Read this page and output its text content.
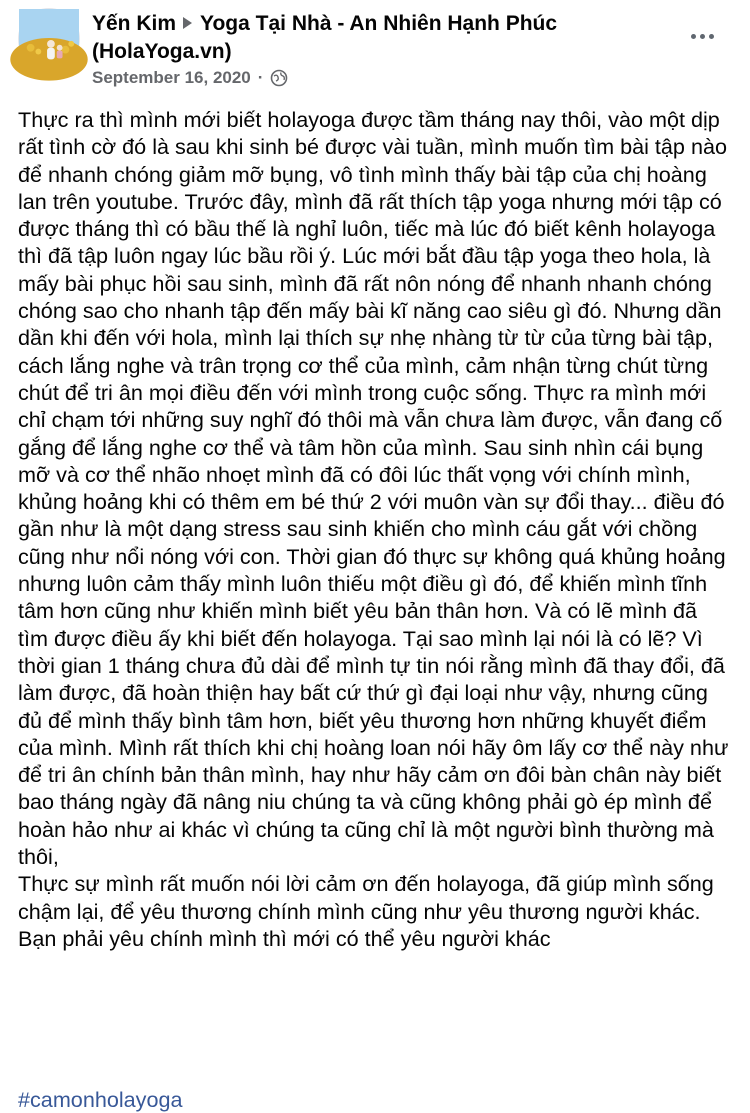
Yến Kim Yoga Tại Nhà - An Nhiên Hạnh Phúc (HolaYoga.vn)
September 16, 2020 ·

Thực ra thì mình mới biết holayoga được tầm tháng nay thôi, vào một dịp rất tình cờ đó là sau khi sinh bé được vài tuần, mình muốn tìm bài tập nào để nhanh chóng giảm mỡ bụng, vô tình mình thấy bài tập của chị hoàng lan trên youtube. Trước đây, mình đã rất thích tập yoga nhưng mới tập có được tháng thì có bầu thế là nghỉ luôn, tiếc mà lúc đó biết kênh holayoga thì đã tập luôn ngay lúc bầu rồi ý. Lúc mới bắt đầu tập yoga theo hola, là mấy bài phục hồi sau sinh, mình đã rất nôn nóng để nhanh nhanh chóng chóng sao cho nhanh tập đến mấy bài kĩ năng cao siêu gì đó. Nhưng dần dần khi đến với hola, mình lại thích sự nhẹ nhàng từ từ của từng bài tập, cách lắng nghe và trân trọng cơ thể của mình, cảm nhận từng chút từng chút để tri ân mọi điều đến với mình trong cuộc sống. Thực ra mình mới chỉ chạm tới những suy nghĩ đó thôi mà vẫn chưa làm được, vẫn đang cố gắng để lắng nghe cơ thể và tâm hồn của mình. Sau sinh nhìn cái bụng mỡ và cơ thể nhão nhoẹt mình đã có đôi lúc thất vọng với chính mình, khủng hoảng khi có thêm em bé thứ 2 với muôn vàn sự đổi thay... điều đó gần như là một dạng stress sau sinh khiến cho mình cáu gắt với chồng cũng như nổi nóng với con. Thời gian đó thực sự không quá khủng hoảng nhưng luôn cảm thấy mình luôn thiếu một điều gì đó, để khiến mình tĩnh tâm hơn cũng như khiến mình biết yêu bản thân hơn. Và có lẽ mình đã tìm được điều ấy khi biết đến holayoga. Tại sao mình lại nói là có lẽ? Vì thời gian 1 tháng chưa đủ dài để mình tự tin nói rằng mình đã thay đổi, đã làm được, đã hoàn thiện hay bất cứ thứ gì đại loại như vậy, nhưng cũng đủ để mình thấy bình tâm hơn, biết yêu thương hơn những khuyết điểm của mình. Mình rất thích khi chị hoàng loan nói hãy ôm lấy cơ thể này như để tri ân chính bản thân mình, hay như hãy cảm ơn đôi bàn chân này biết bao tháng ngày đã nâng niu chúng ta và cũng không phải gò ép mình để hoàn hảo như ai khác vì chúng ta cũng chỉ là một người bình thường mà thôi,

Thực sự mình rất muốn nói lời cảm ơn đến holayoga, đã giúp mình sống chậm lại, để yêu thương chính mình cũng như yêu thương người khác.

Bạn phải yêu chính mình thì mới có thể yêu người khác

#camonholayoga
